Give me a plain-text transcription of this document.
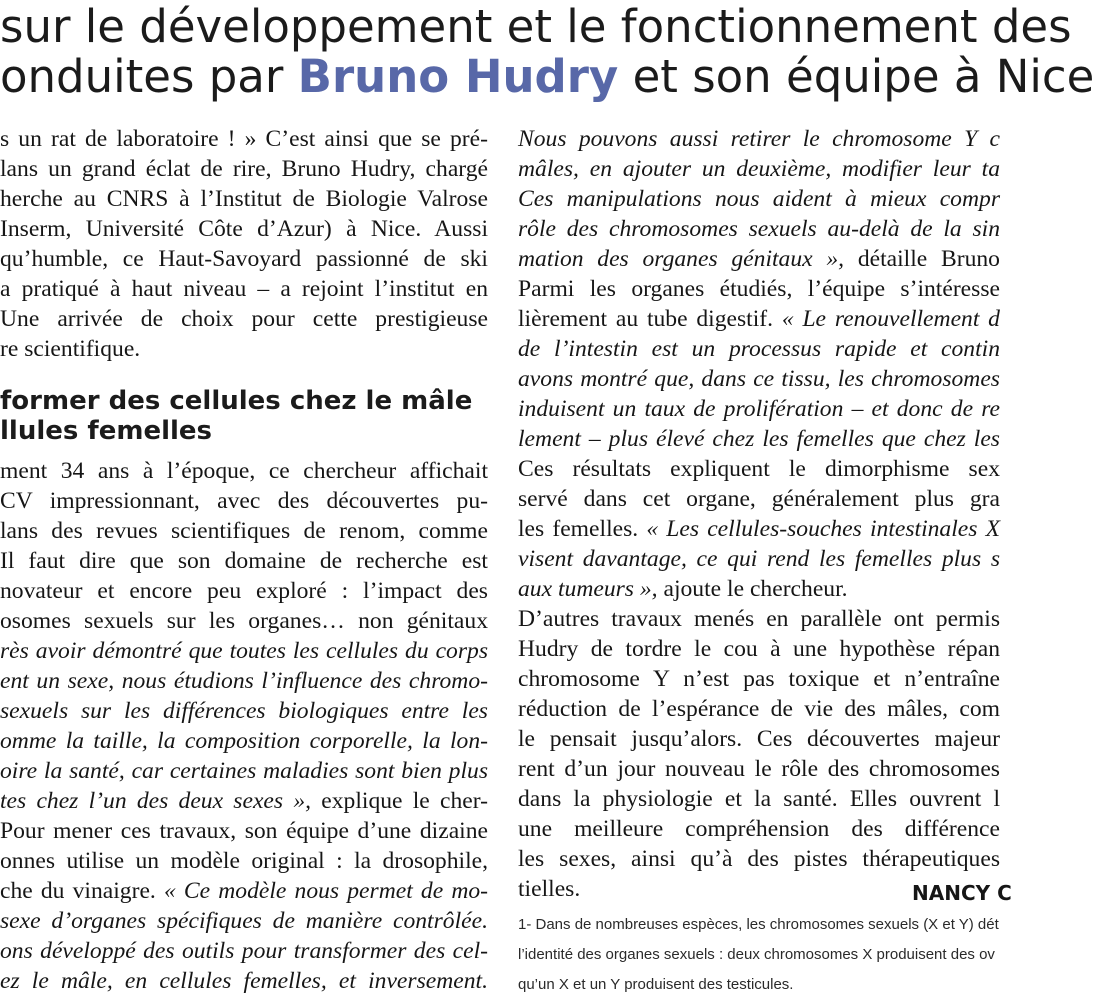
sur le développement et le fonctionnement des
onduites par Bruno Hudry et son équipe à Nice
s un rat de laboratoire ! » C’est ainsi que se pré-
lans un grand éclat de rire, Bruno Hudry, chargé
herche au CNRS à l’Institut de Biologie Valrose
Inserm, Université Côte d’Azur) à Nice. Aussi
qu’humble, ce Haut-Savoyard passionné de ski
a pratiqué à haut niveau – a rejoint l’institut en
Une arrivée de choix pour cette prestigieuse
re scientifique.
ment 34 ans à l’époque, ce chercheur affichait
CV impressionnant, avec des découvertes pu-
lans des revues scientifiques de renom, comme
Il faut dire que son domaine de recherche est
novateur et encore peu exploré : l’impact des
osomes sexuels sur les organes… non génitaux
rès avoir démontré que toutes les cellules du corps
ent un sexe, nous étudions l’influence des chromo-
sexuels sur les différences biologiques entre les
omme la taille, la composition corporelle, la lon-
oire la santé, car certaines maladies sont bien plus
tes chez l’un des deux sexes », explique le cher-
Pour mener ces travaux, son équipe d’une dizaine
onnes utilise un modèle original : la drosophile,
che du vinaigre. « Ce modèle nous permet de mo-
sexe d’organes spécifiques de manière contrôlée.
ons développé des outils pour transformer des cel-
ez le mâle, en cellules femelles, et inversement.
former des cellules chez le mâle
llules femelles
Nous pouvons aussi retirer le chromosome Y c
mâles, en ajouter un deuxième, modifier leur ta
Ces manipulations nous aident à mieux compr
rôle des chromosomes sexuels au-delà de la sin
mation des organes génitaux », détaille Bruno
Parmi les organes étudiés, l’équipe s’intéresse
lièrement au tube digestif. « Le renouvellement d
de l’intestin est un processus rapide et contin
avons montré que, dans ce tissu, les chromosomes
induisent un taux de prolifération – et donc de re
lement – plus élevé chez les femelles que chez les
Ces résultats expliquent le dimorphisme sex
servé dans cet organe, généralement plus gra
les femelles. « Les cellules-souches intestinales X
visent davantage, ce qui rend les femelles plus s
aux tumeurs », ajoute le chercheur.
D’autres travaux menés en parallèle ont permis
Hudry de tordre le cou à une hypothèse répan
chromosome Y n’est pas toxique et n’entraîne
réduction de l’espérance de vie des mâles, com
le pensait jusqu’alors. Ces découvertes majeur
rent d’un jour nouveau le rôle des chromosomes
dans la physiologie et la santé. Elles ouvrent l
une meilleure compréhension des différence
les sexes, ainsi qu’à des pistes thérapeutiques
tielles.	NANCY C
1- Dans de nombreuses espèces, les chromosomes sexuels (X et Y) dét
l’identité des organes sexuels : deux chromosomes X produisent des ov
qu’un X et un Y produisent des testicules.
